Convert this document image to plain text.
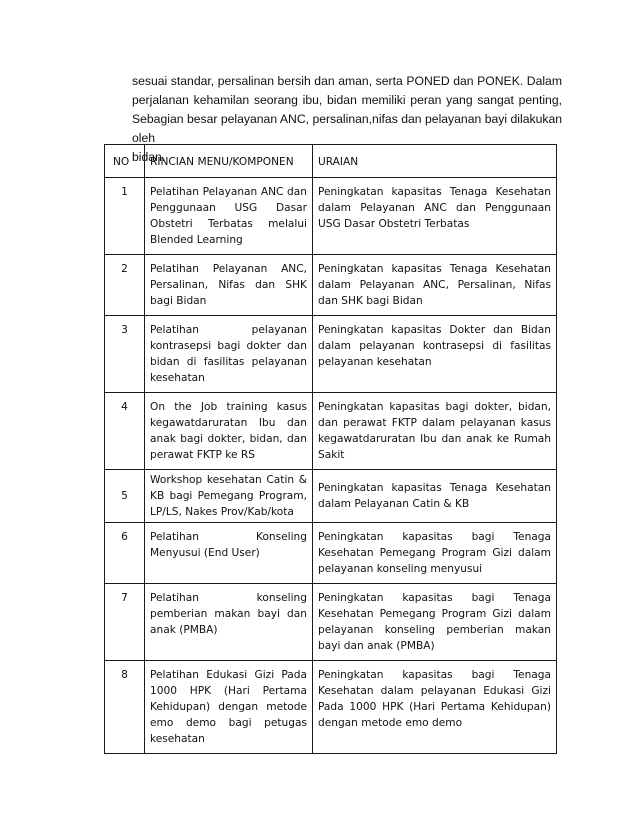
sesuai standar, persalinan bersih dan aman, serta PONED dan PONEK. Dalam

perjalanan kehamilan seorang ibu, bidan memiliki peran yang sangat penting,

Sebagian besar pelayanan ANC, persalinan,nifas dan pelayanan bayi dilakukan oleh

bidan.

NO	RINCIAN MENU/KOMPONEN	URAIAN
1	Pelatihan Pelayanan ANC dan Penggunaan USG Dasar Obstetri Terbatas melalui Blended Learning	Peningkatan kapasitas Tenaga Kesehatan dalam Pelayanan ANC dan Penggunaan USG Dasar Obstetri Terbatas
2	Pelatihan Pelayanan ANC, Persalinan, Nifas dan SHK bagi Bidan	Peningkatan kapasitas Tenaga Kesehatan dalam Pelayanan ANC, Persalinan, Nifas dan SHK bagi Bidan
3	Pelatihan pelayanan kontrasepsi bagi dokter dan bidan di fasilitas pelayanan kesehatan	Peningkatan kapasitas Dokter dan Bidan dalam pelayanan kontrasepsi di fasilitas pelayanan kesehatan
4	On the Job training kasus kegawatdaruratan Ibu dan anak bagi dokter, bidan, dan perawat FKTP ke RS	Peningkatan kapasitas bagi dokter, bidan, dan perawat FKTP dalam pelayanan kasus kegawatdaruratan Ibu dan anak ke Rumah Sakit
5	Workshop kesehatan Catin & KB bagi Pemegang Program, LP/LS, Nakes Prov/Kab/kota	Peningkatan kapasitas Tenaga Kesehatan dalam Pelayanan Catin & KB
6	Pelatihan Konseling Menyusui (End User)	Peningkatan kapasitas bagi Tenaga Kesehatan Pemegang Program Gizi dalam pelayanan konseling menyusui
7	Pelatihan konseling pemberian makan bayi dan anak (PMBA)	Peningkatan kapasitas bagi Tenaga Kesehatan Pemegang Program Gizi dalam pelayanan konseling pemberian makan bayi dan anak (PMBA)
8	Pelatihan Edukasi Gizi Pada 1000 HPK (Hari Pertama Kehidupan) dengan metode emo demo bagi petugas kesehatan	Peningkatan kapasitas bagi Tenaga Kesehatan dalam pelayanan Edukasi Gizi Pada 1000 HPK (Hari Pertama Kehidupan) dengan metode emo demo
